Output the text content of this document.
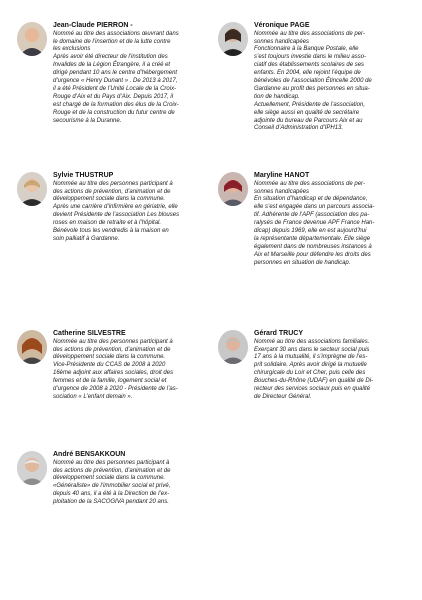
Jean-Claude PIERRON -
Nommé au titre des associations œuvrant dans
le domaine de l’insertion et de la lutte contre
les exclusions
Après avoir été directeur de l’institution des
Invalides de la Légion Étrangère, il a créé et
dirigé pendant 10 ans le centre d’hébergement
d’urgence « Henry Dunant » . De 2013 à 2017,
il a été Président de l’Unité Locale de la Croix-
Rouge d’Aix et du Pays d’Aix. Depuis 2017, il
est chargé de la formation des élus de la Croix-
Rouge et de la construction du futur centre de
secourisme à la Duranne.
Véronique PAGE
Nommée au titre des associations de per-
sonnes handicapées
Fonctionnaire à la Banque Postale, elle
s’est toujours investie dans le milieu asso-
ciatif des établissements scolaires de ses
enfants. En 2004, elle rejoint l’équipe de
bénévoles de l’association Étincelle 2000 de
Gardanne au profit des personnes en situa-
tion de handicap.
Actuellement, Présidente de l’association,
elle siège aussi en qualité de secrétaire
adjointe du bureau de Parcours Aix et au
Conseil d’Administration d’IPH13.
Sylvie THUSTRUP
Nommée au titre des personnes participant à
des actions de prévention, d’animation et de
développement sociale dans la commune.
Après une carrière d’infirmière en gériatrie, elle
devient Présidente de l’association Les blouses
roses en maison de retraite et à l’hôpital.
Bénévole tous les vendredis à la maison en
soin palliatif à Gardanne.
Maryline HANOT
Nommée au titre des associations de per-
sonnes handicapées
En situation d’handicap et de dépendance,
elle s’est engagée dans un parcours associa-
tif. Adhérente de l’APF (association des pa-
ralysés de France devenue APF France Han-
dicap) depuis 1969, elle en est aujourd’hui
la représentante départementale. Elle siège
également dans de nombreuses instances à
Aix et Marseille pour défendre les droits des
personnes en situation de handicap.
Catherine SILVESTRE
Nommée au titre des personnes participant à
des actions de prévention, d’animation et de
développement sociale dans la commune.
Vice-Présidente du CCAS de 2008 à 2020
16ème adjoint aux affaires sociales, droit des
femmes et de la famille, logement social et
d’urgence de 2008 à 2020 - Présidente de l’as-
sociation « L’enfant demain ».
Gérard TRUCY
Nommé au titre des associations familiales.
Exerçant 30 ans dans le secteur social puis
17 ans à la mutualité, il s’imprègne de l’es-
prit solidaire. Après avoir dirigé la mutuelle
chirurgicale du Loir et Cher, puis celle des
Bouches-du-Rhône (UDAF) en qualité de Di-
recteur des services sociaux puis en qualité
de Directeur Général.
André BENSAKKOUN
Nommé au titre des personnes participant à
des actions de prévention, d’animation et de
développement sociale dans la commune.
«Généraliste» de l’immobilier social et privé,
depuis 40 ans, il a été à la Direction de l’ex-
ploitation de la SACOGIVA pendant 20 ans.
